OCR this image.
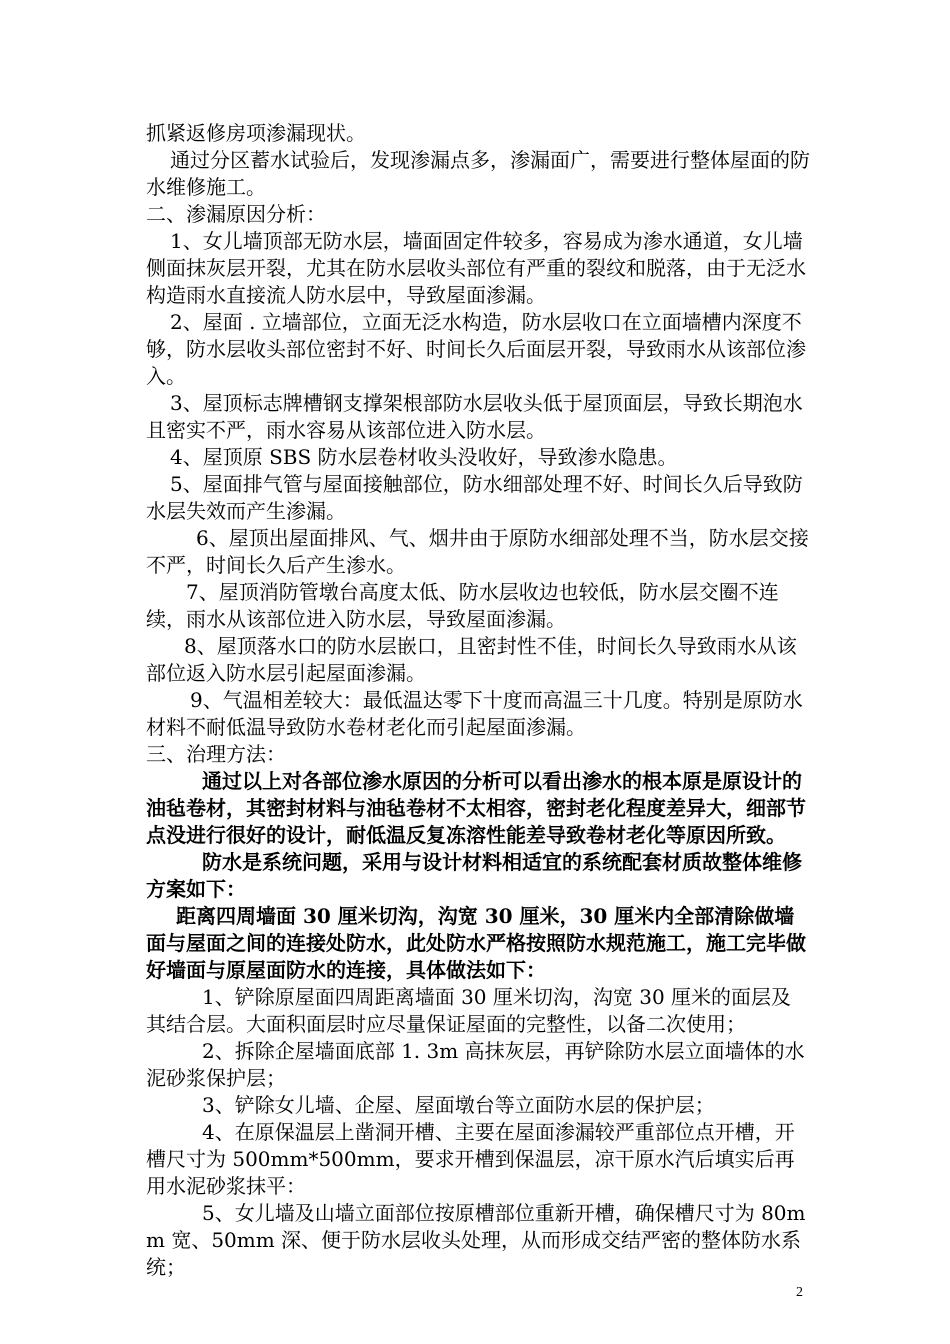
抓紧返修房项渗漏现状。

通过分区蓄水试验后，发现渗漏点多，渗漏面广，需要进行整体屋面的防水维修施工。

二、渗漏原因分析：

1、女儿墙顶部无防水层，墙面固定件较多，容易成为渗水通道，女儿墙侧面抹灰层开裂，尤其在防水层收头部位有严重的裂纹和脱落，由于无泛水构造雨水直接流人防水层中，导致屋面渗漏。

2、屋面 . 立墙部位，立面无泛水构造，防水层收口在立面墙槽内深度不够，防水层收头部位密封不好、时间长久后面层开裂，导致雨水从该部位渗入。

3、屋顶标志牌槽钢支撑架根部防水层收头低于屋顶面层，导致长期泡水且密实不严，雨水容易从该部位进入防水层。

4、屋顶原 SBS 防水层卷材收头没收好，导致渗水隐患。

5、屋面排气管与屋面接触部位，防水细部处理不好、时间长久后导致防水层失效而产生渗漏。

6、屋顶出屋面排风、气、烟井由于原防水细部处理不当，防水层交接不严，时间长久后产生渗水。

7、屋顶消防管墩台高度太低、防水层收边也较低，防水层交圈不连续，雨水从该部位进入防水层，导致屋面渗漏。

8、屋顶落水口的防水层嵌口，且密封性不佳，时间长久导致雨水从该部位返入防水层引起屋面渗漏。

9、气温相差较大：最低温达零下十度而高温三十几度。特别是原防水材料不耐低温导致防水卷材老化而引起屋面渗漏。

三、治理方法：

通过以上对各部位渗水原因的分析可以看出渗水的根本原是原设计的油毡卷材，其密封材料与油毡卷材不太相容，密封老化程度差异大，细部节点没进行很好的设计，耐低温反复冻溶性能差导致卷材老化等原因所致。

防水是系统问题，采用与设计材料相适宜的系统配套材质故整体维修方案如下：

距离四周墙面 30 厘米切沟，沟宽 30 厘米，30 厘米内全部清除做墙面与屋面之间的连接处防水，此处防水严格按照防水规范施工，施工完毕做好墙面与原屋面防水的连接，具体做法如下：

1、铲除原屋面四周距离墙面 30 厘米切沟，沟宽 30 厘米的面层及其结合层。大面积面层时应尽量保证屋面的完整性，以备二次使用；

2、拆除企屋墙面底部 1. 3m 高抹灰层，再铲除防水层立面墙体的水泥砂浆保护层；

3、铲除女儿墙、企屋、屋面墩台等立面防水层的保护层；

4、在原保温层上凿洞开槽、主要在屋面渗漏较严重部位点开槽，开槽尺寸为 500mm*500mm，要求开槽到保温层，凉干原水汽后填实后再用水泥砂浆抹平：

5、女儿墙及山墙立面部位按原槽部位重新开槽，确保槽尺寸为 80mm 宽、50mm 深、便于防水层收头处理，从而形成交结严密的整体防水系统；

2
